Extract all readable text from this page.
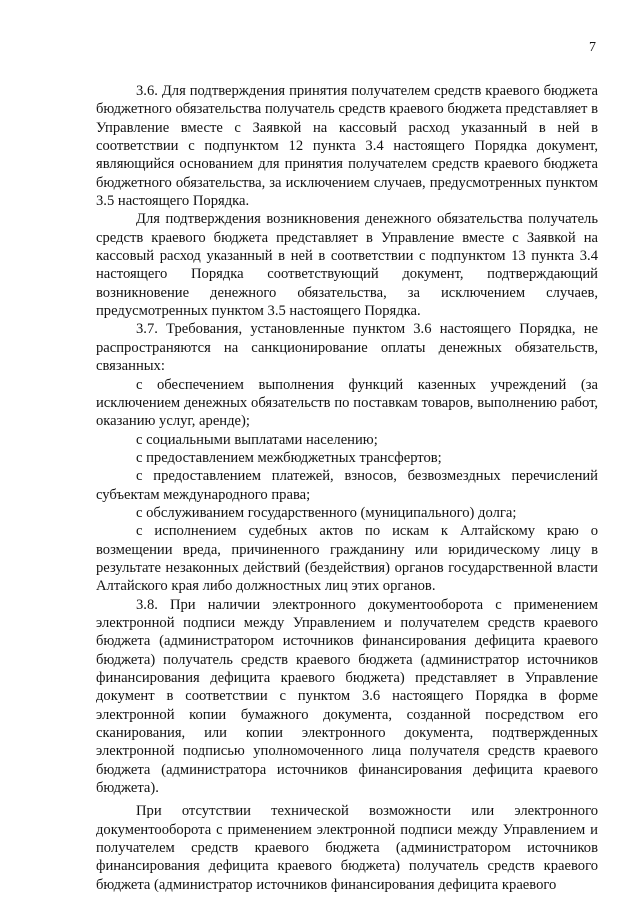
7

3.6. Для подтверждения принятия получателем средств краевого бюджета бюджетного обязательства получатель средств краевого бюджета представляет в Управление вместе с Заявкой на кассовый расход указанный в ней в соответствии с подпунктом 12 пункта 3.4 настоящего Порядка документ, являющийся основанием для принятия получателем средств краевого бюджета бюджетного обязательства, за исключением случаев, предусмотренных пунктом 3.5 настоящего Порядка.

Для подтверждения возникновения денежного обязательства получатель средств краевого бюджета представляет в Управление вместе с Заявкой на кассовый расход указанный в ней в соответствии с подпунктом 13 пункта 3.4 настоящего Порядка соответствующий документ, подтверждающий возникновение денежного обязательства, за исключением случаев, предусмотренных пунктом 3.5 настоящего Порядка.

3.7. Требования, установленные пунктом 3.6 настоящего Порядка, не распространяются на санкционирование оплаты денежных обязательств, связанных:

с обеспечением выполнения функций казенных учреждений (за исключением денежных обязательств по поставкам товаров, выполнению работ, оказанию услуг, аренде);

с социальными выплатами населению;

с предоставлением межбюджетных трансфертов;

с предоставлением платежей, взносов, безвозмездных перечислений субъектам международного права;

с обслуживанием государственного (муниципального) долга;

с исполнением судебных актов по искам к Алтайскому краю о возмещении вреда, причиненного гражданину или юридическому лицу в результате незаконных действий (бездействия) органов государственной власти Алтайского края либо должностных лиц этих органов.

3.8. При наличии электронного документооборота с применением электронной подписи между Управлением и получателем средств краевого бюджета (администратором источников финансирования дефицита краевого бюджета) получатель средств краевого бюджета (администратор источников финансирования дефицита краевого бюджета) представляет в Управление документ в соответствии с пунктом 3.6 настоящего Порядка в форме электронной копии бумажного документа, созданной посредством его сканирования, или копии электронного документа, подтвержденных электронной подписью уполномоченного лица получателя средств краевого бюджета (администратора источников финансирования дефицита краевого бюджета).

При отсутствии технической возможности или электронного документооборота с применением электронной подписи между Управлением и получателем средств краевого бюджета (администратором источников финансирования дефицита краевого бюджета) получатель средств краевого бюджета (администратор источников финансирования дефицита краевого
